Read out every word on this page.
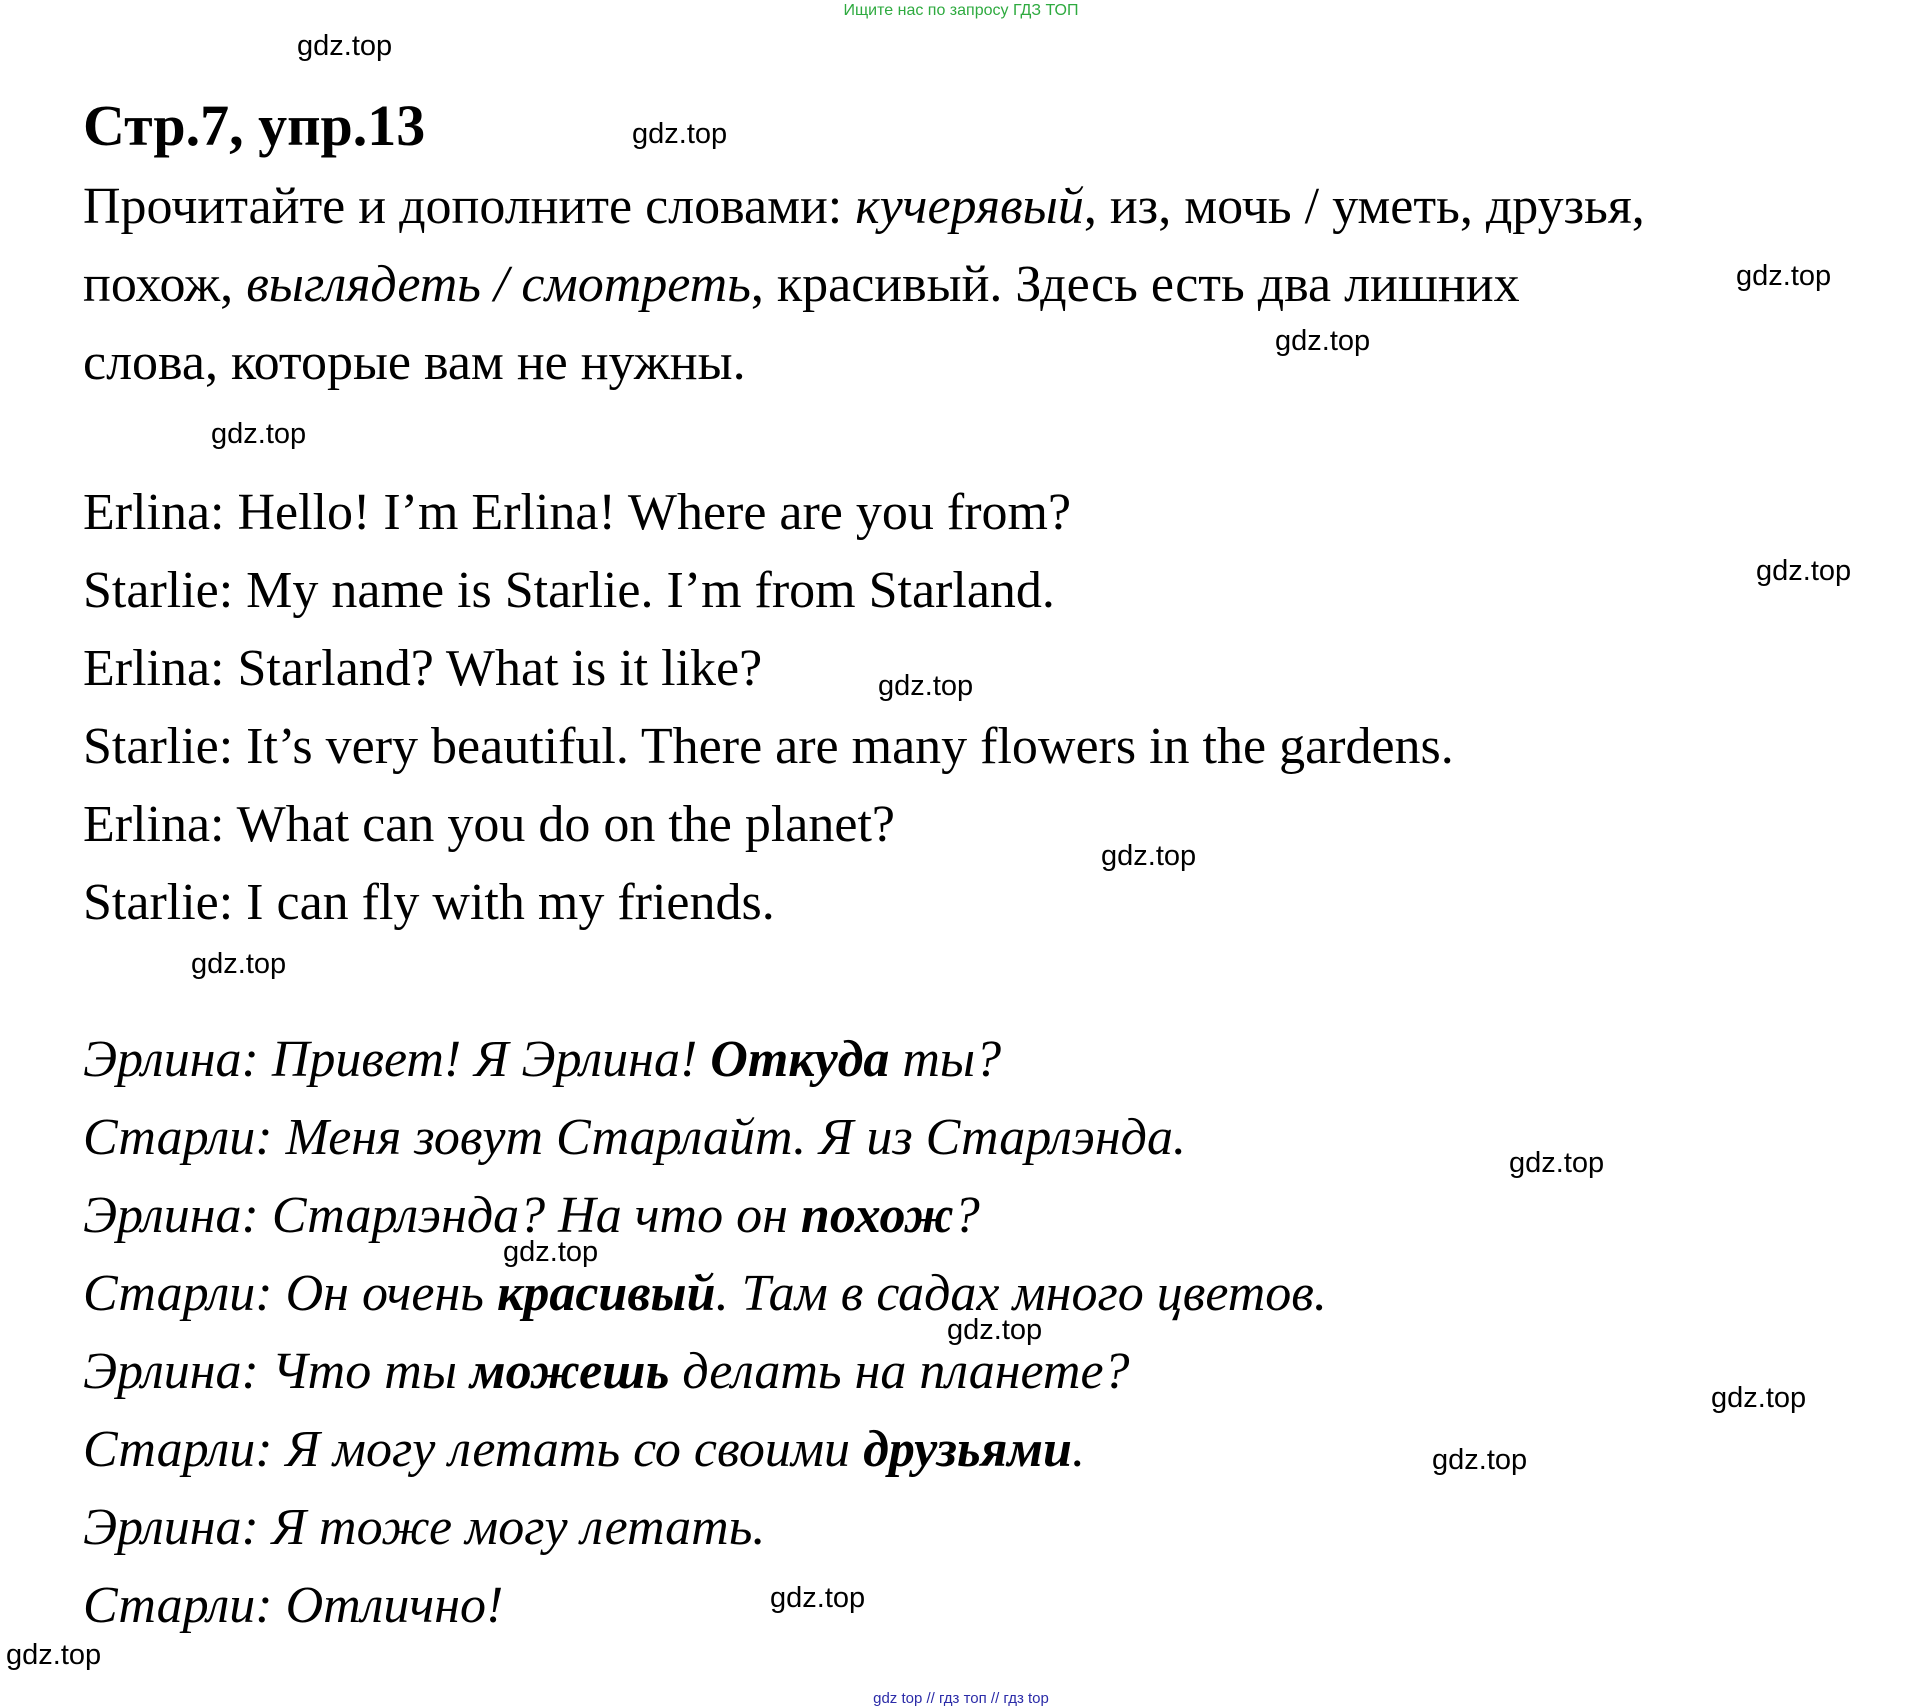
Ищите нас по запросу ГДЗ ТОП
Стр.7, упр.13
Прочитайте и дополните словами: кучерявый, из, мочь / уметь, друзья,
похож, выглядеть / смотреть, красивый. Здесь есть два лишних
слова, которые вам не нужны.
Erlina: Hello! I’m Erlina! Where are you from?
Starlie: My name is Starlie. I’m from Starland.
Erlina: Starland? What is it like?
Starlie: It’s very beautiful. There are many flowers in the gardens.
Erlina: What can you do on the planet?
Starlie: I can fly with my friends.
Эрлина: Привет! Я Эрлина! Откуда ты?
Старли: Меня зовут Старлайт. Я из Старлэнда.
Эрлина: Старлэнда? На что он похож?
Старли: Он очень красивый. Там в садах много цветов.
Эрлина: Что ты можешь делать на планете?
Старли: Я могу летать со своими друзьями.
Эрлина: Я тоже могу летать.
Старли: Отлично!
gdz.top
gdz.top
gdz.top
gdz.top
gdz.top
gdz.top
gdz.top
gdz.top
gdz.top
gdz.top
gdz.top
gdz.top
gdz.top
gdz.top
gdz.top
gdz.top
gdz top // гдз топ // гдз top
